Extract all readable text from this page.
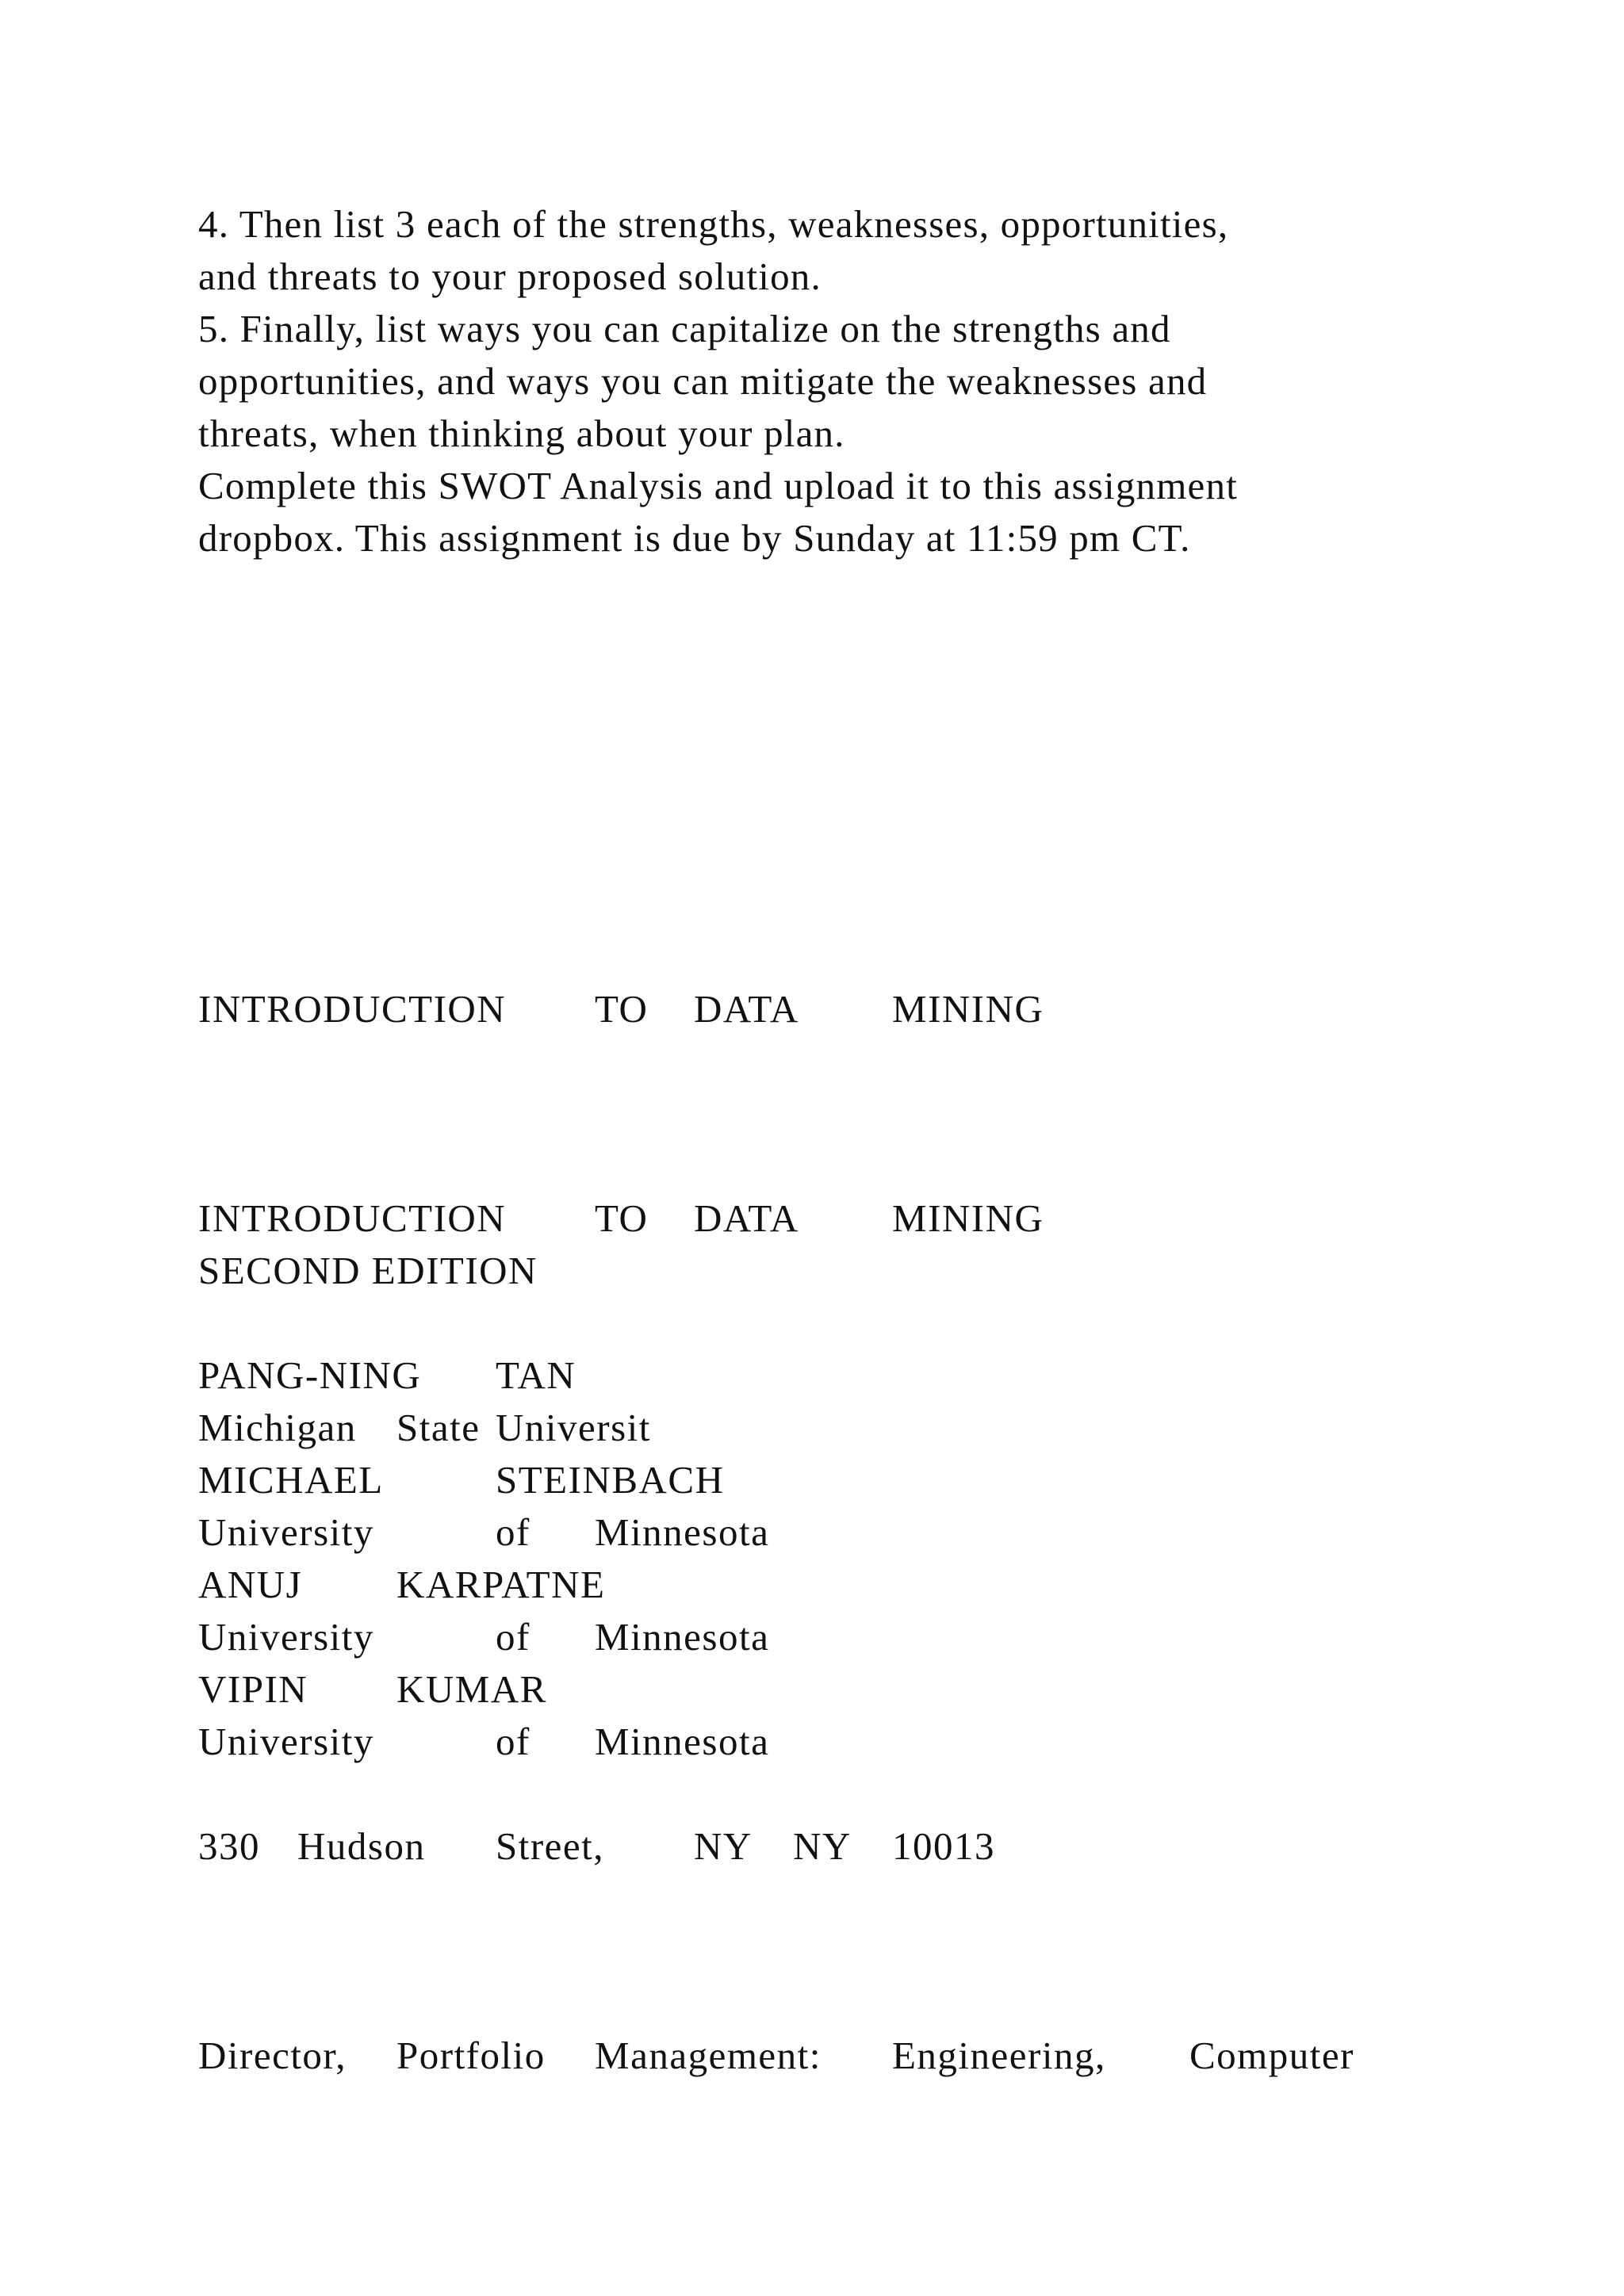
4. Then list 3 each of the strengths, weaknesses, opportunities,
and threats to your proposed solution.
5. Finally, list ways you can capitalize on the strengths and
opportunities, and ways you can mitigate the weaknesses and
threats, when thinking about your plan.
Complete this SWOT Analysis and upload it to this assignment
dropbox. This assignment is due by Sunday at 11:59 pm CT.
INTRODUCTION TO DATA MINING
INTRODUCTION TO DATA MINING
SECOND EDITION
PANG-NING TAN
Michigan State Universit
MICHAEL	STEINBACH
University	of Minnesota
ANUJ KARPATNE
University	of Minnesota
VIPIN KUMAR
University	of Minnesota
330 Hudson Street, NY NY 10013
Director, Portfolio Management: Engineering, Computer
